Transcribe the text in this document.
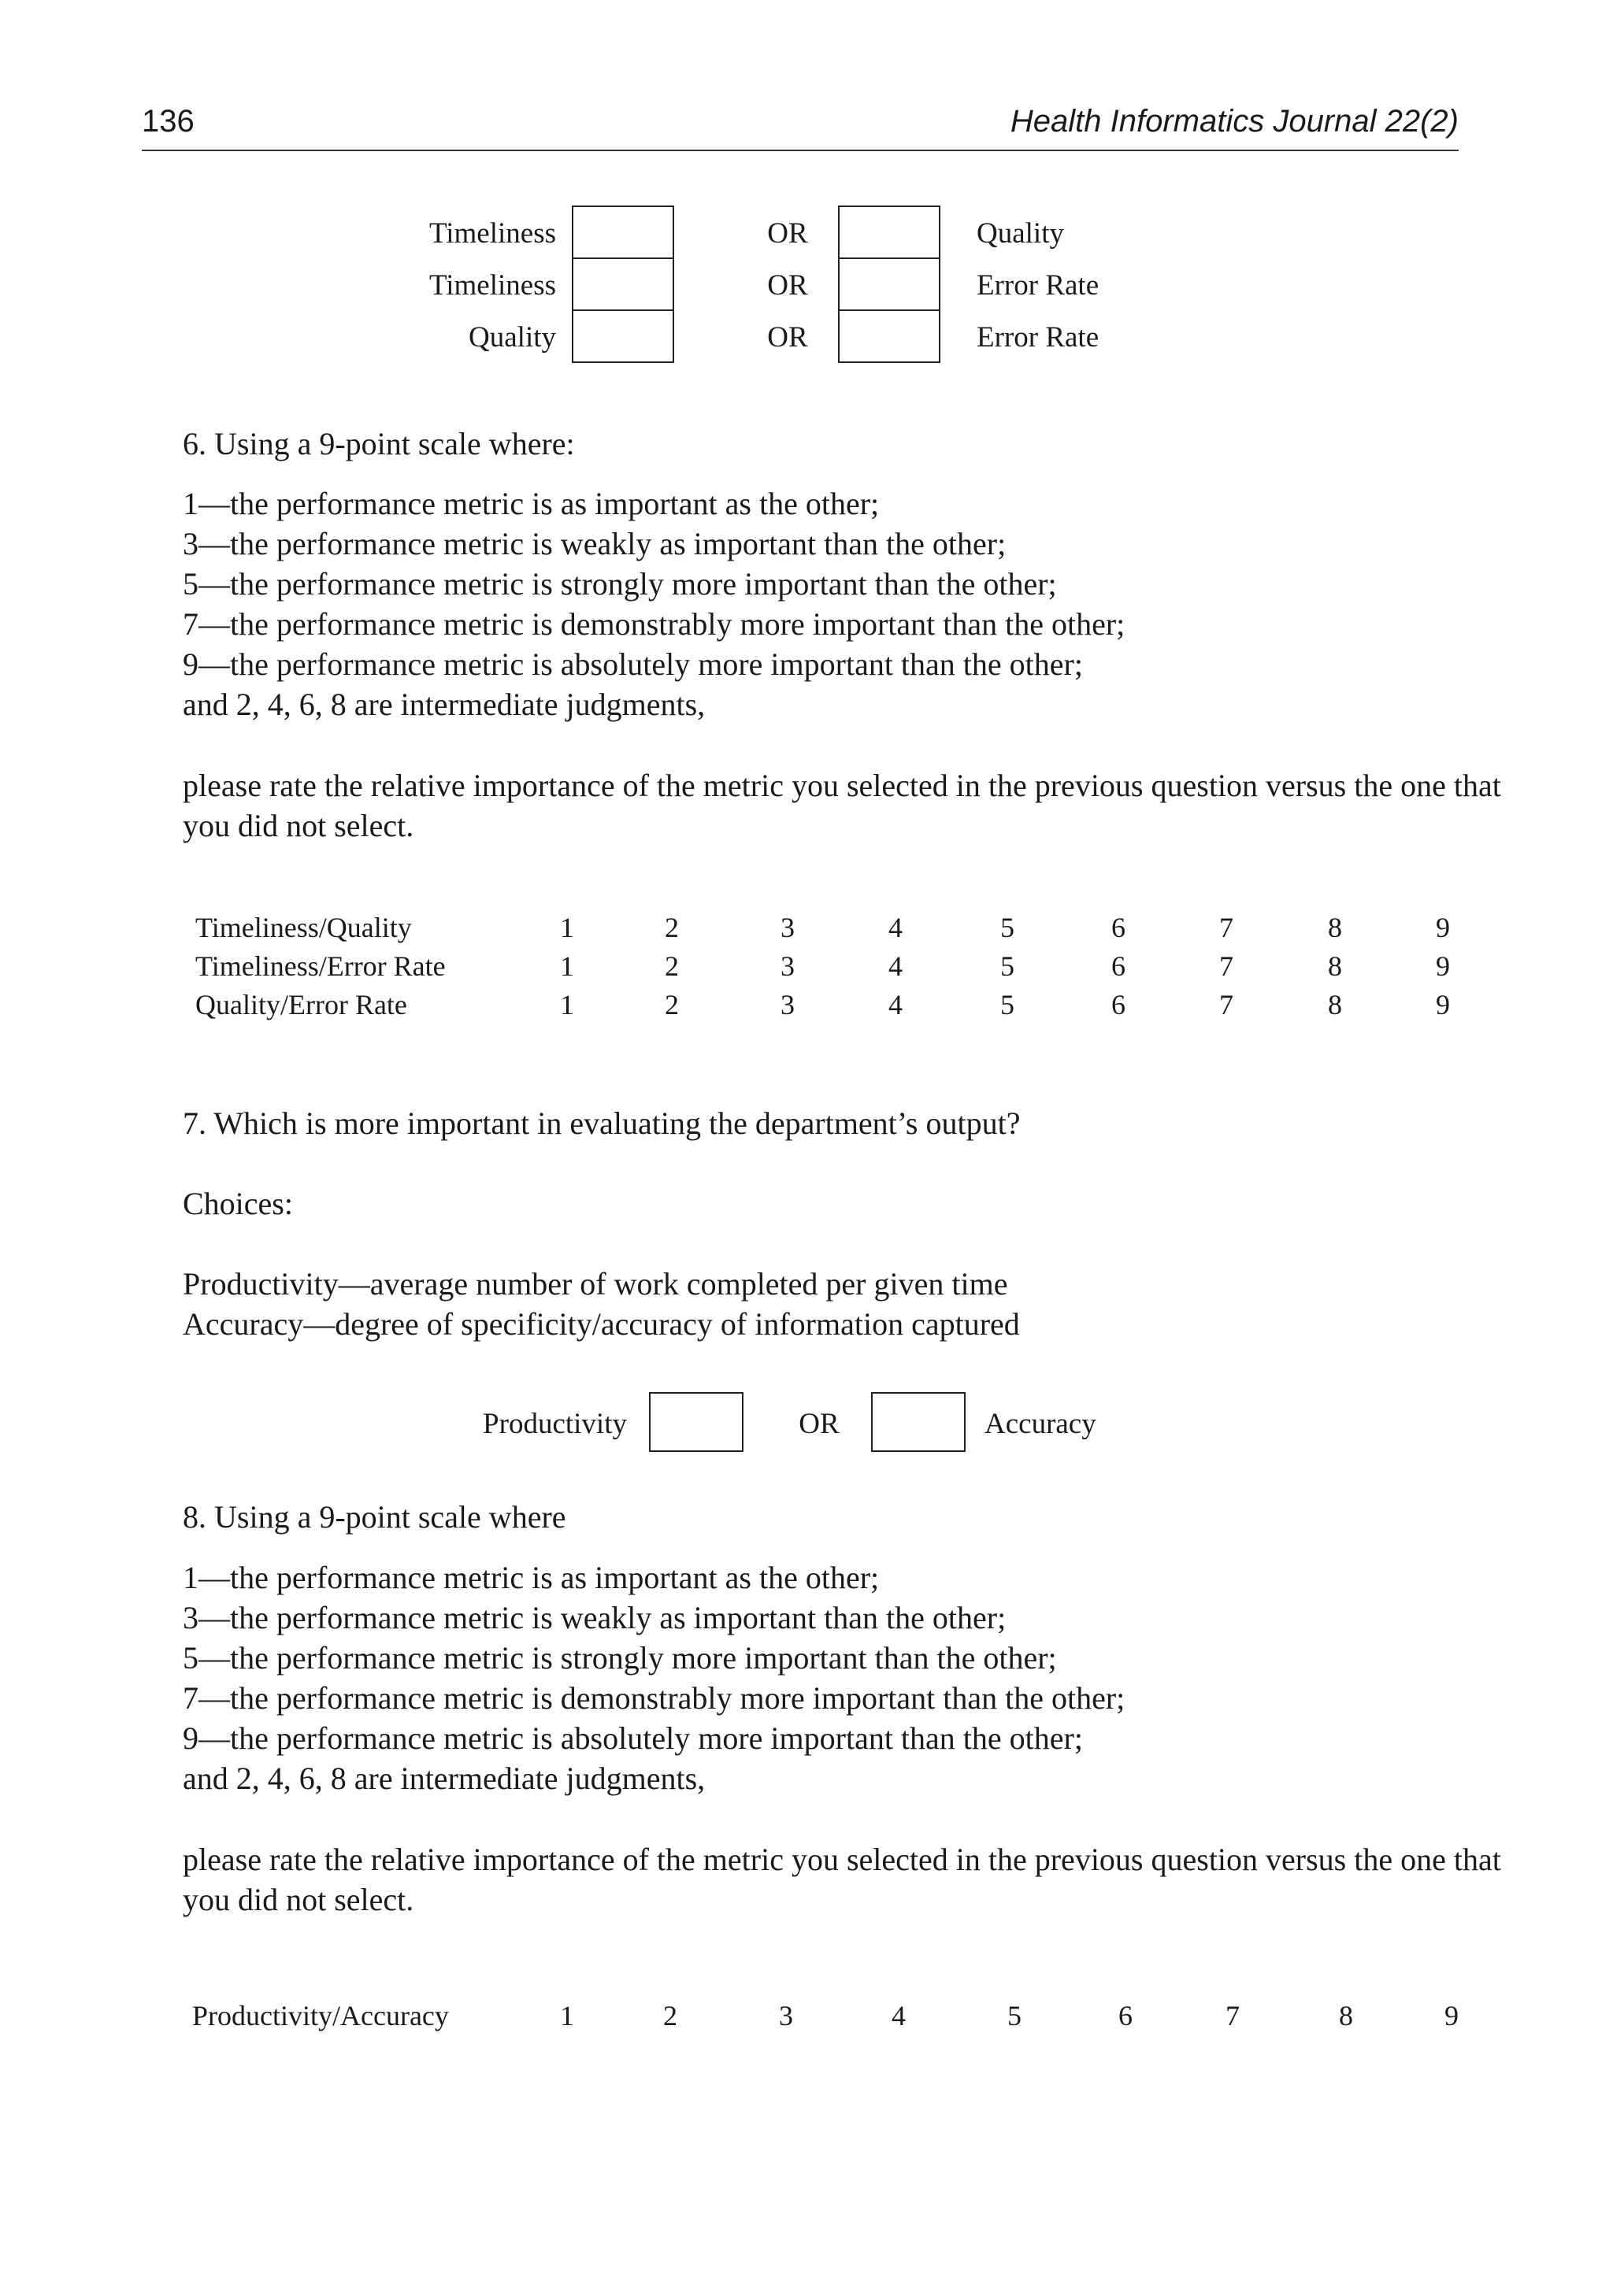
136	Health Informatics Journal 22(2)
Timeliness	OR	Quality
Timeliness	OR	Error Rate
Quality	OR	Error Rate
6. Using a 9-point scale where:
1—the performance metric is as important as the other;
3—the performance metric is weakly as important than the other;
5—the performance metric is strongly more important than the other;
7—the performance metric is demonstrably more important than the other;
9—the performance metric is absolutely more important than the other;
and 2, 4, 6, 8 are intermediate judgments,
please rate the relative importance of the metric you selected in the previous question versus the one that you did not select.
Timeliness/Quality	1	2	3	4	5	6	7	8	9
Timeliness/Error Rate	1	2	3	4	5	6	7	8	9
Quality/Error Rate	1	2	3	4	5	6	7	8	9
7. Which is more important in evaluating the department’s output?
Choices:
Productivity—average number of work completed per given time
Accuracy—degree of specificity/accuracy of information captured
Productivity	OR	Accuracy
8. Using a 9-point scale where
1—the performance metric is as important as the other;
3—the performance metric is weakly as important than the other;
5—the performance metric is strongly more important than the other;
7—the performance metric is demonstrably more important than the other;
9—the performance metric is absolutely more important than the other;
and 2, 4, 6, 8 are intermediate judgments,
please rate the relative importance of the metric you selected in the previous question versus the one that you did not select.
Productivity/Accuracy	1	2	3	4	5	6	7	8	9
